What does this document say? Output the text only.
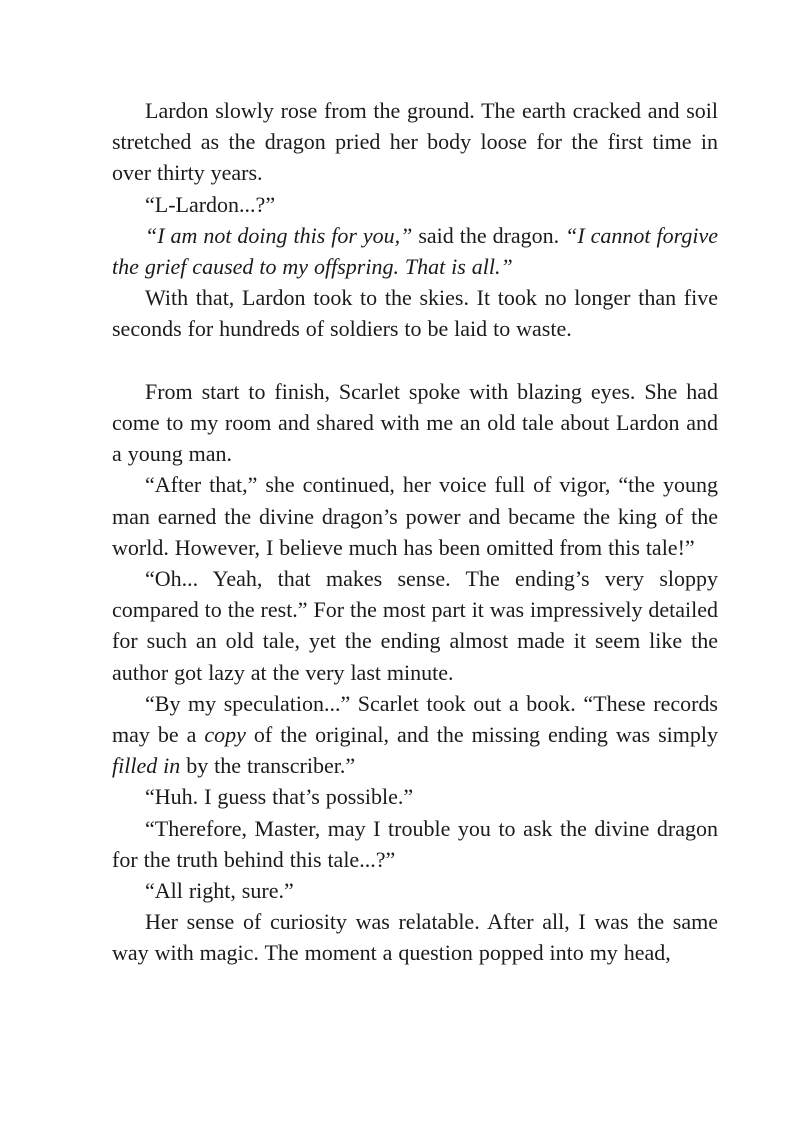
Lardon slowly rose from the ground. The earth cracked and soil stretched as the dragon pried her body loose for the first time in over thirty years.

“L-Lardon...?”

“I am not doing this for you,” said the dragon. “I cannot forgive the grief caused to my offspring. That is all.”

With that, Lardon took to the skies. It took no longer than five seconds for hundreds of soldiers to be laid to waste.

From start to finish, Scarlet spoke with blazing eyes. She had come to my room and shared with me an old tale about Lardon and a young man.

“After that,” she continued, her voice full of vigor, “the young man earned the divine dragon’s power and became the king of the world. However, I believe much has been omitted from this tale!”

“Oh... Yeah, that makes sense. The ending’s very sloppy compared to the rest.” For the most part it was impressively detailed for such an old tale, yet the ending almost made it seem like the author got lazy at the very last minute.

“By my speculation...” Scarlet took out a book. “These records may be a copy of the original, and the missing ending was simply filled in by the transcriber.”

“Huh. I guess that’s possible.”

“Therefore, Master, may I trouble you to ask the divine dragon for the truth behind this tale...?”

“All right, sure.”

Her sense of curiosity was relatable. After all, I was the same way with magic. The moment a question popped into my head,
